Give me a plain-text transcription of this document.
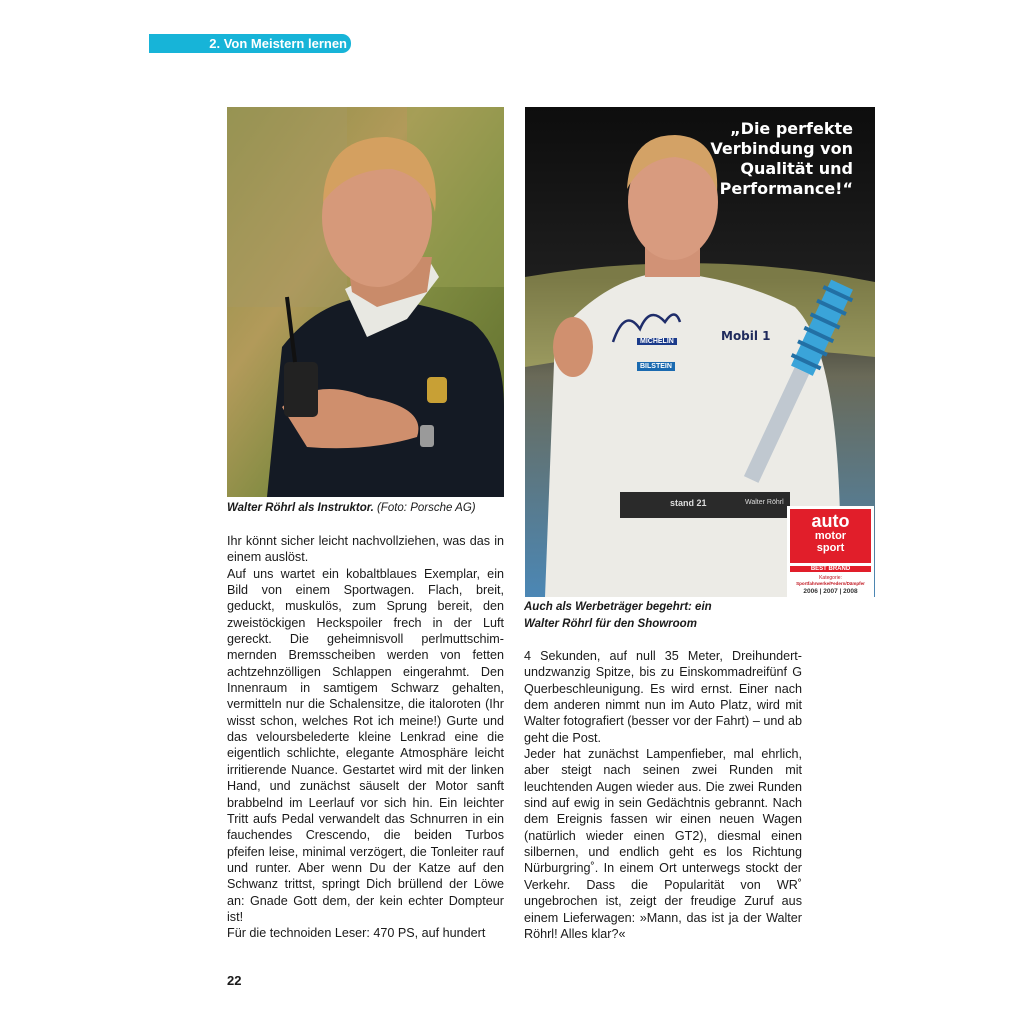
2. Von Meistern lernen
Walter Röhrl als Instruktor. (Foto: Porsche AG)
„Die perfekte
Verbindung von
Qualität und
Performance!“
Mobil 1
MICHELIN
BILSTEIN
stand 21	Walter Röhrl
auto
motor
sport
BEST BRAND
Kategorie:
Sportfahrwerke/Federn/Dämpfer
2006 | 2007 | 2008
Auch als Werbeträger begehrt: ein
Walter Röhrl für den Showroom

Ihr könnt sicher leicht nachvollziehen, was das in einem auslöst.

Auf uns wartet ein kobaltblaues Exemplar, ein Bild von einem Sportwagen. Flach, breit, geduckt, muskulös, zum Sprung bereit, den zweistöckigen Heckspoiler frech in der Luft gereckt. Die geheimnisvoll perlmuttschimmernden Bremsscheiben werden von fetten achtzehnzölligen Schlappen eingerahmt. Den Innenraum in samtigem Schwarz gehalten, vermitteln nur die Schalensitze, die italoroten (Ihr wisst schon, welches Rot ich meine!) Gurte und das veloursbelederte kleine Lenkrad eine die eigentlich schlichte, elegante Atmosphäre leicht irritierende Nuance. Gestartet wird mit der linken Hand, und zunächst säuselt der Motor sanft brabbelnd im Leerlauf vor sich hin. Ein leichter Tritt aufs Pedal verwandelt das Schnurren in ein fauchendes Crescendo, die beiden Turbos pfeifen leise, minimal verzögert, die Tonleiter rauf und runter. Aber wenn Du der Katze auf den Schwanz trittst, springt Dich brüllend der Löwe an: Gnade Gott dem, der kein echter Dompteur ist!

Für die technoiden Leser: 470 PS, auf hundert

4 Sekunden, auf null 35 Meter, Dreihundertundzwanzig Spitze, bis zu Einskommadreifünf G Querbeschleunigung. Es wird ernst. Einer nach dem anderen nimmt nun im Auto Platz, wird mit Walter fotografiert (besser vor der Fahrt) – und ab geht die Post.

Jeder hat zunächst Lampenfieber, mal ehrlich, aber steigt nach seinen zwei Runden mit leuchtenden Augen wieder aus. Die zwei Runden sind auf ewig in sein Gedächtnis gebrannt. Nach dem Ereignis fassen wir einen neuen Wagen (natürlich wieder einen GT2), diesmal einen silbernen, und endlich geht es los Richtung Nürburgring˚. In einem Ort unterwegs stockt der Verkehr. Dass die Popularität von WR˚ ungebrochen ist, zeigt der freudige Zuruf aus einem Lieferwagen: »Mann, das ist ja der Walter Röhrl! Alles klar?«

22
